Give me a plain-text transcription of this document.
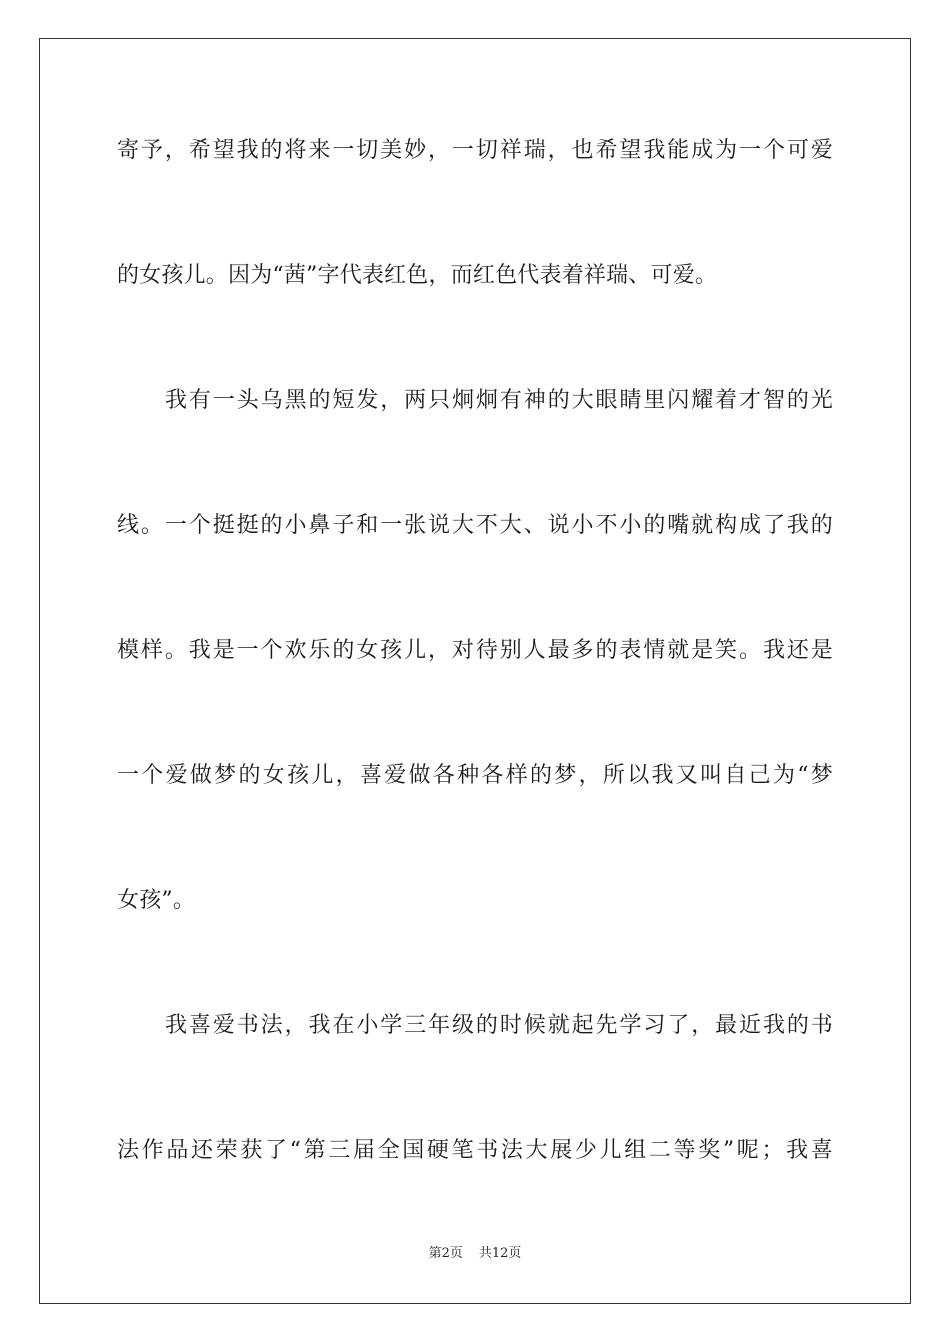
寄予，希望我的将来一切美妙，一切祥瑞，也希望我能成为一个可爱
的女孩儿。因为“茜”字代表红色，而红色代表着祥瑞、可爱。
我有一头乌黑的短发，两只炯炯有神的大眼睛里闪耀着才智的光
线。一个挺挺的小鼻子和一张说大不大、说小不小的嘴就构成了我的
模样。我是一个欢乐的女孩儿，对待别人最多的表情就是笑。我还是
一个爱做梦的女孩儿，喜爱做各种各样的梦，所以我又叫自己为“梦
女孩”。
我喜爱书法，我在小学三年级的时候就起先学习了，最近我的书
法作品还荣获了“第三届全国硬笔书法大展少儿组二等奖”呢；我喜
第2页 共12页
